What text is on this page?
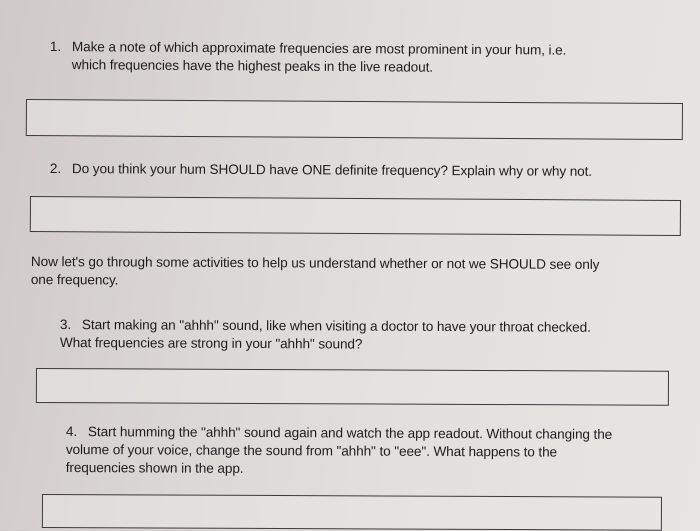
1. Make a note of which approximate frequencies are most prominent in your hum, i.e.
which frequencies have the highest peaks in the live readout.
2. Do you think your hum SHOULD have ONE definite frequency? Explain why or why not.
Now let's go through some activities to help us understand whether or not we SHOULD see only
one frequency.
3. Start making an "ahhh" sound, like when visiting a doctor to have your throat checked.
What frequencies are strong in your "ahhh" sound?
4. Start humming the "ahhh" sound again and watch the app readout. Without changing the
volume of your voice, change the sound from "ahhh" to "eee". What happens to the
frequencies shown in the app.
